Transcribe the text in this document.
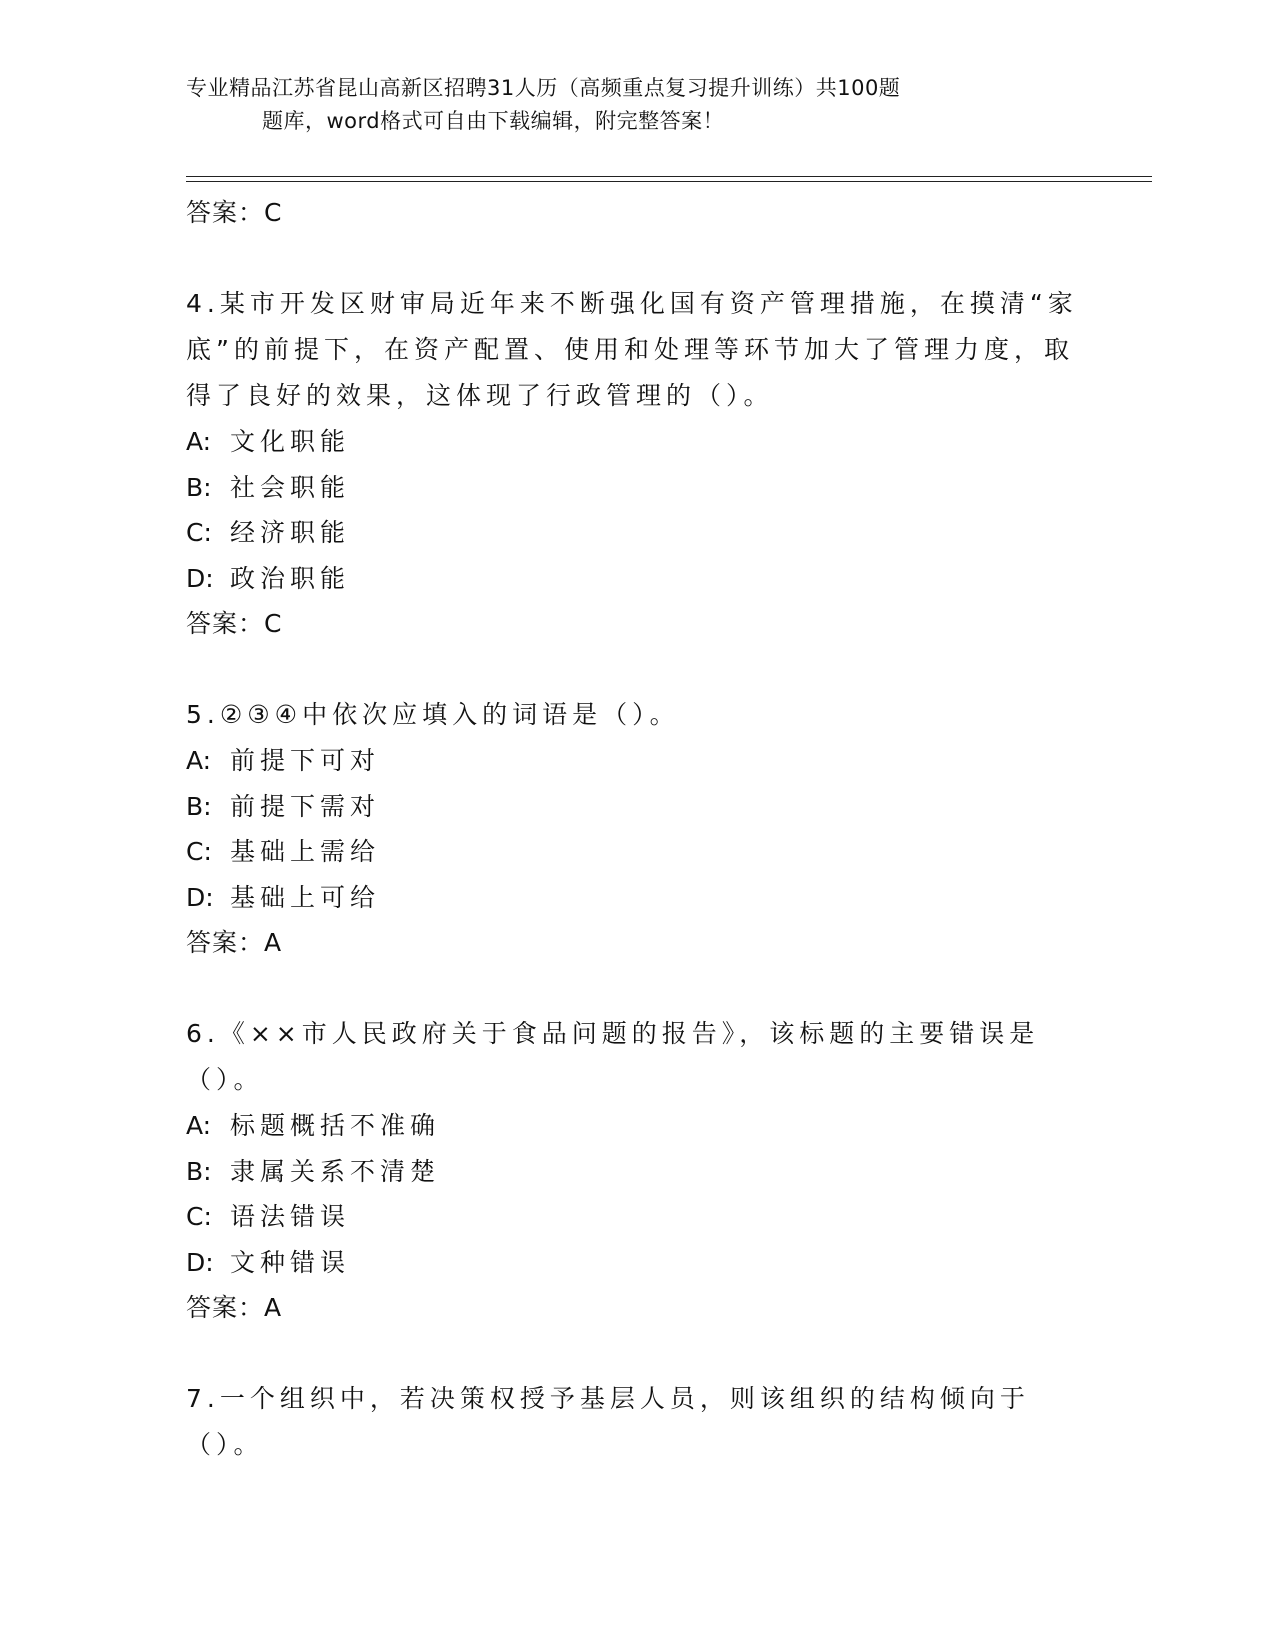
专业精品江苏省昆山高新区招聘31人历（高频重点复习提升训练）共100题
题库，word格式可自由下载编辑，附完整答案！
答案：C
4.某市开发区财审局近年来不断强化国有资产管理措施，在摸清“家底”的前提下，在资产配置、使用和处理等环节加大了管理力度，取得了良好的效果，这体现了行政管理的（）。
A: 文化职能
B: 社会职能
C: 经济职能
D: 政治职能
答案：C
5.②③④中依次应填入的词语是（）。
A: 前提下可对
B: 前提下需对
C: 基础上需给
D: 基础上可给
答案：A
6.《××市人民政府关于食品问题的报告》，该标题的主要错误是（）。
A: 标题概括不准确
B: 隶属关系不清楚
C: 语法错误
D: 文种错误
答案：A
7.一个组织中，若决策权授予基层人员，则该组织的结构倾向于（）。
